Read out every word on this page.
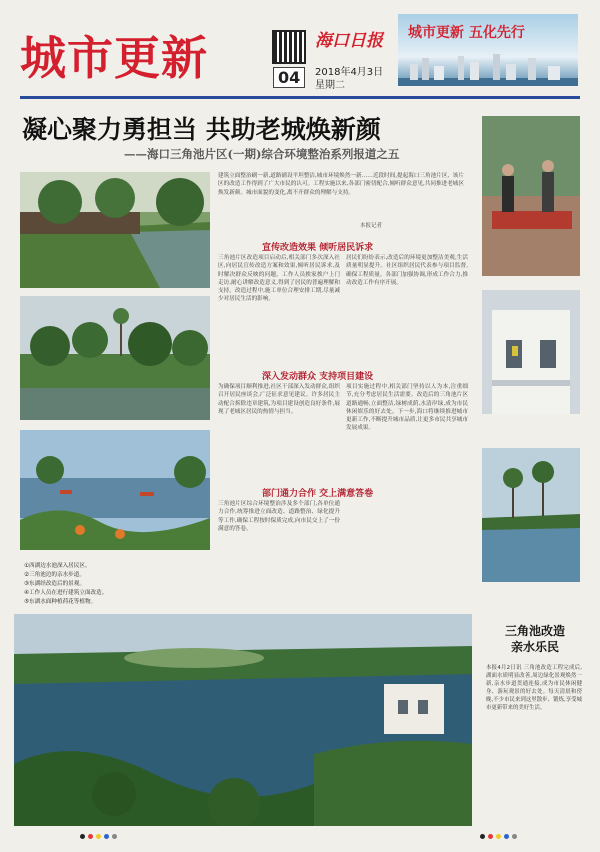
城市更新	海口日报
04	2018年4月3日
星期二
城市更新 五化先行
凝心聚力勇担当 共助老城焕新颜
——海口三角池片区(一期)综合环境整治系列报道之五
建筑立面整治刷一新,道路铺设平坦整洁,城市环境焕然一新……近段时间,提起海口三角池片区,  该片区的改造工作得到了广大市民的认可。工程实施以来,各部门密切配合,倾听群众意见,共同推进老城区焕发新颜。城市面貌的变化,离不开群众的理解与支持。
本报记者
宣传改造效果 倾听居民诉求
三角池片区改造项目启动后,相关部门多次深入社区,向居民宣传改造方案和效果,倾听居民诉求,及时解决群众反映的问题。工作人员挨家挨户上门走访,耐心讲解改造意义,得到了居民的普遍理解和支持。改造过程中,施工单位合理安排工期,尽量减少对居民生活的影响。
居民们纷纷表示,改造后的环境更加整洁美观,生活质量明显提升。社区组织居民代表参与项目监督,确保工程质量。各部门加强协调,形成工作合力,推动改造工作有序开展。
深入发动群众 支持项目建设
为确保项目顺利推进,社区干部深入发动群众,组织召开居民座谈会,广泛征求意见建议。许多居民主动配合拆除违章建筑,为项目建设创造良好条件,展现了老城区居民的热情与担当。
部门通力合作 交上满意答卷
三角池片区综合环境整治涉及多个部门,各单位通力合作,统筹推进立面改造、道路整治、绿化提升等工作,确保工程按时保质完成,向市民交上了一份满意的答卷。
项目实施过程中,相关部门坚持以人为本,注重细节,充分考虑居民生活需要。改造后的三角池片区道路通畅,立面整洁,绿树成荫,水清岸绿,成为市民休闲娱乐的好去处。下一步,海口将继续推进城市更新工作,不断提升城市品质,让更多市民共享城市发展成果。
①西湖边水池深入居民区。
②三角池边的亲水步道。
③东湖经改造后的景观。
④工作人员在进行建筑立面改造。
⑤东湖水面种植荷花等植物。
三角池改造
亲水乐民
本报4月2日讯 三角池改造工程完成后,湖面水质明显改善,周边绿化景观焕然一新,亲水步道贯通连接,成为市民休闲健身、游玩观景的好去处。每天清晨和傍晚,不少市民来到这里散步、锻炼,享受城市更新带来的美好生活。
